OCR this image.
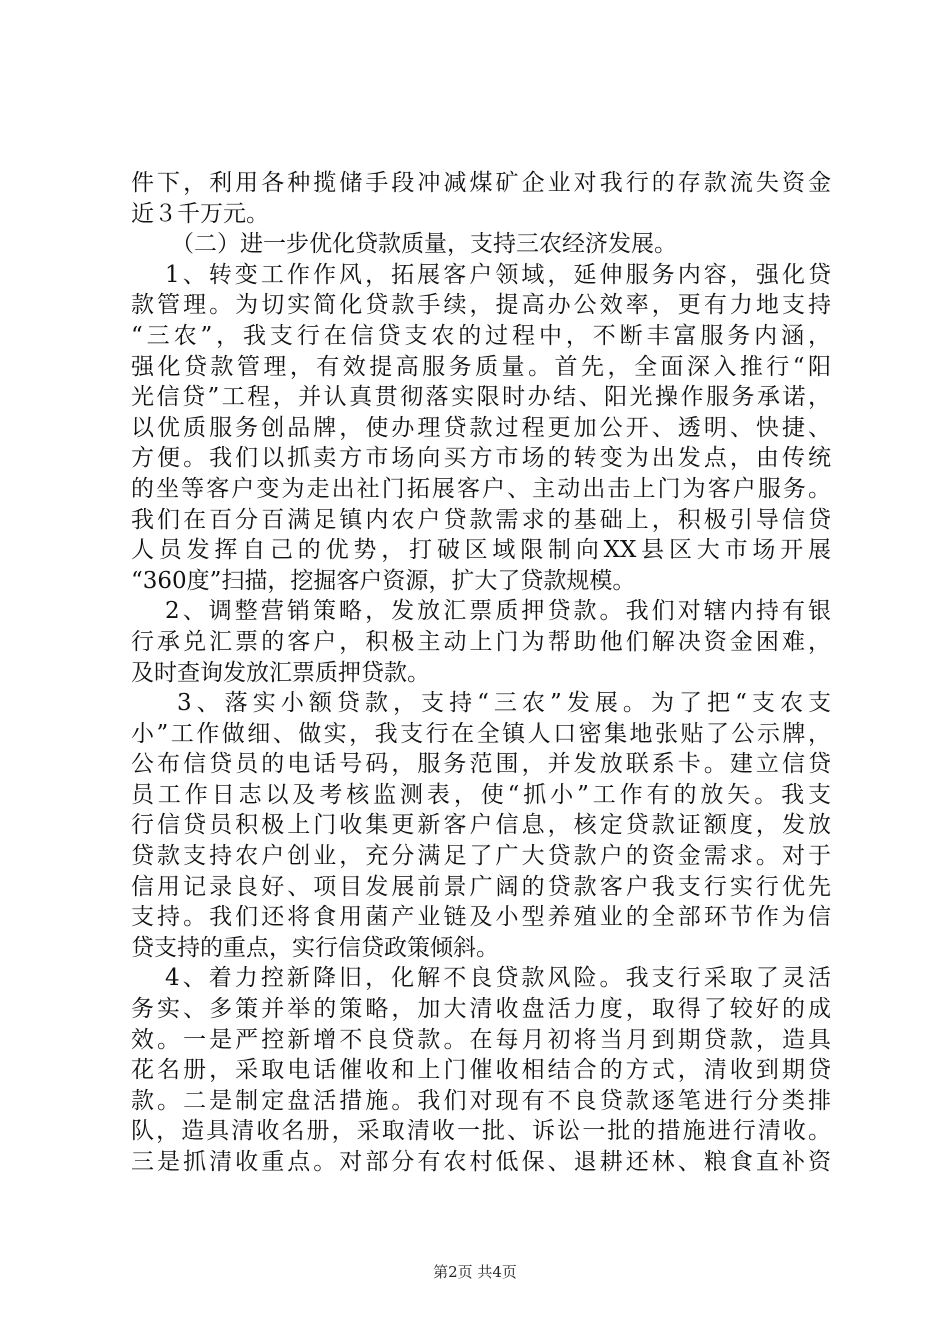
件下，利用各种揽储手段冲减煤矿企业对我行的存款流失资金
近３千万元。
（二）进一步优化贷款质量，支持三农经济发展。
1、转变工作作风，拓展客户领域，延伸服务内容，强化贷
款管理。为切实简化贷款手续，提高办公效率，更有力地支持
“三农”，我支行在信贷支农的过程中，不断丰富服务内涵，
强化贷款管理，有效提高服务质量。首先，全面深入推行“阳
光信贷”工程，并认真贯彻落实限时办结、阳光操作服务承诺，
以优质服务创品牌，使办理贷款过程更加公开、透明、快捷、
方便。我们以抓卖方市场向买方市场的转变为出发点，由传统
的坐等客户变为走出社门拓展客户、主动出击上门为客户服务。
我们在百分百满足镇内农户贷款需求的基础上，积极引导信贷
人员发挥自己的优势，打破区域限制向XX县区大市场开展
“360度”扫描，挖掘客户资源，扩大了贷款规模。
2、调整营销策略，发放汇票质押贷款。我们对辖内持有银
行承兑汇票的客户，积极主动上门为帮助他们解决资金困难，
及时查询发放汇票质押贷款。
3、落实小额贷款，支持“三农”发展。为了把“支农支
小”工作做细、做实，我支行在全镇人口密集地张贴了公示牌，
公布信贷员的电话号码，服务范围，并发放联系卡。建立信贷
员工作日志以及考核监测表，使“抓小”工作有的放矢。我支
行信贷员积极上门收集更新客户信息，核定贷款证额度，发放
贷款支持农户创业，充分满足了广大贷款户的资金需求。对于
信用记录良好、项目发展前景广阔的贷款客户我支行实行优先
支持。我们还将食用菌产业链及小型养殖业的全部环节作为信
贷支持的重点，实行信贷政策倾斜。
4、着力控新降旧，化解不良贷款风险。我支行采取了灵活
务实、多策并举的策略，加大清收盘活力度，取得了较好的成
效。一是严控新增不良贷款。在每月初将当月到期贷款，造具
花名册，采取电话催收和上门催收相结合的方式，清收到期贷
款。二是制定盘活措施。我们对现有不良贷款逐笔进行分类排
队，造具清收名册，采取清收一批、诉讼一批的措施进行清收。
三是抓清收重点。对部分有农村低保、退耕还林、粮食直补资
第2页 共4页
